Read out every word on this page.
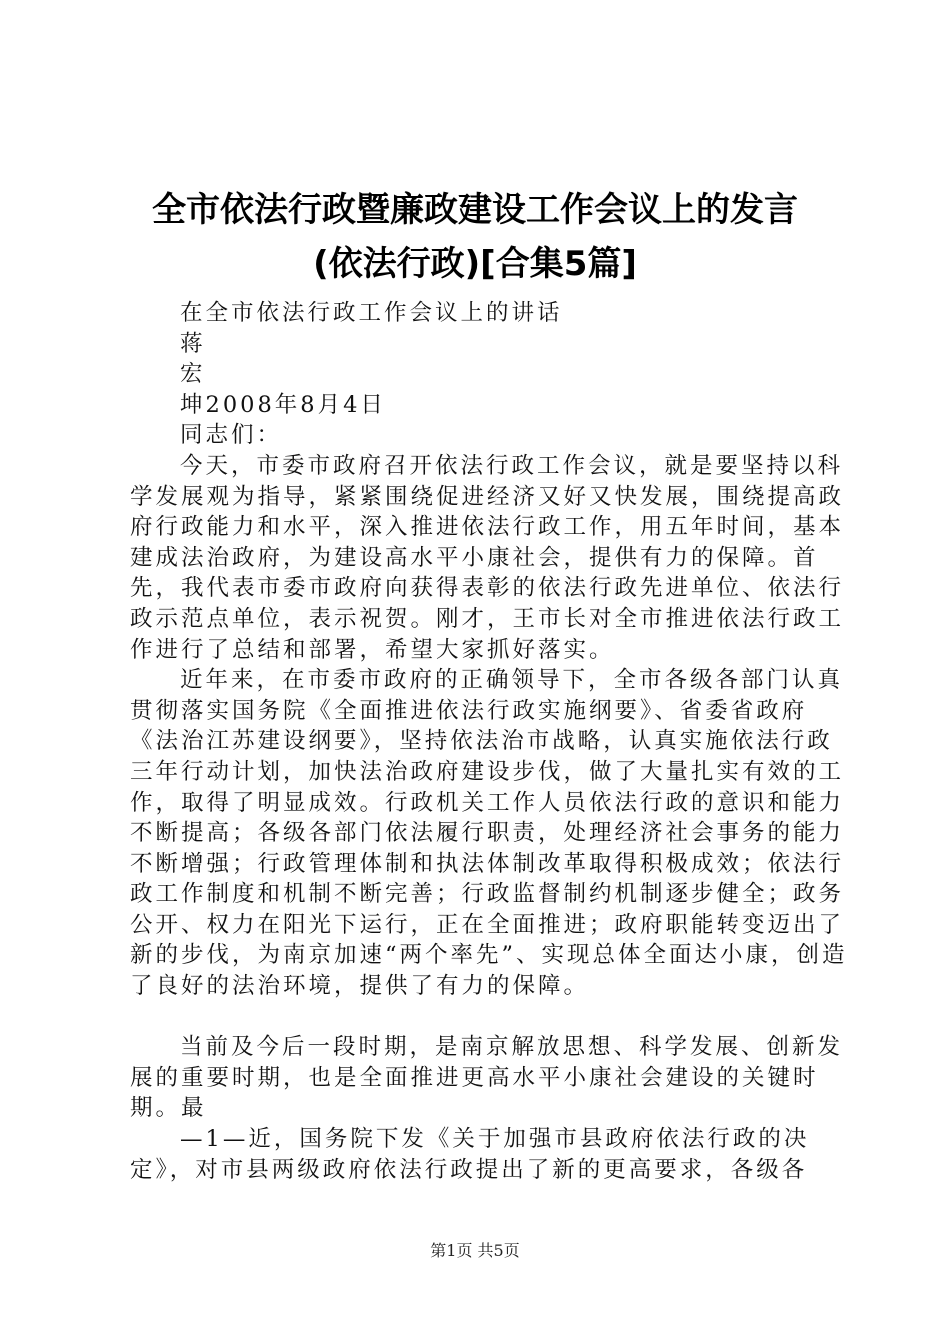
全市依法行政暨廉政建设工作会议上的发言
(依法行政)[合集5篇]

在全市依法行政工作会议上的讲话

蒋

宏

坤2008年8月4日

同志们：

今天，市委市政府召开依法行政工作会议，就是要坚持以科学发展观为指导，紧紧围绕促进经济又好又快发展，围绕提高政府行政能力和水平，深入推进依法行政工作，用五年时间，基本建成法治政府，为建设高水平小康社会，提供有力的保障。首先，我代表市委市政府向获得表彰的依法行政先进单位、依法行政示范点单位，表示祝贺。刚才，王市长对全市推进依法行政工作进行了总结和部署，希望大家抓好落实。

近年来，在市委市政府的正确领导下，全市各级各部门认真贯彻落实国务院《全面推进依法行政实施纲要》、省委省政府《法治江苏建设纲要》，坚持依法治市战略，认真实施依法行政三年行动计划，加快法治政府建设步伐，做了大量扎实有效的工作，取得了明显成效。行政机关工作人员依法行政的意识和能力不断提高；各级各部门依法履行职责，处理经济社会事务的能力不断增强；行政管理体制和执法体制改革取得积极成效；依法行政工作制度和机制不断完善；行政监督制约机制逐步健全；政务公开、权力在阳光下运行，正在全面推进；政府职能转变迈出了新的步伐，为南京加速“两个率先”、实现总体全面达小康，创造了良好的法治环境，提供了有力的保障。

当前及今后一段时期，是南京解放思想、科学发展、创新发展的重要时期，也是全面推进更高水平小康社会建设的关键时期。最

—1—近，国务院下发《关于加强市县政府依法行政的决定》，对市县两级政府依法行政提出了新的更高要求，各级各

第1页 共5页
